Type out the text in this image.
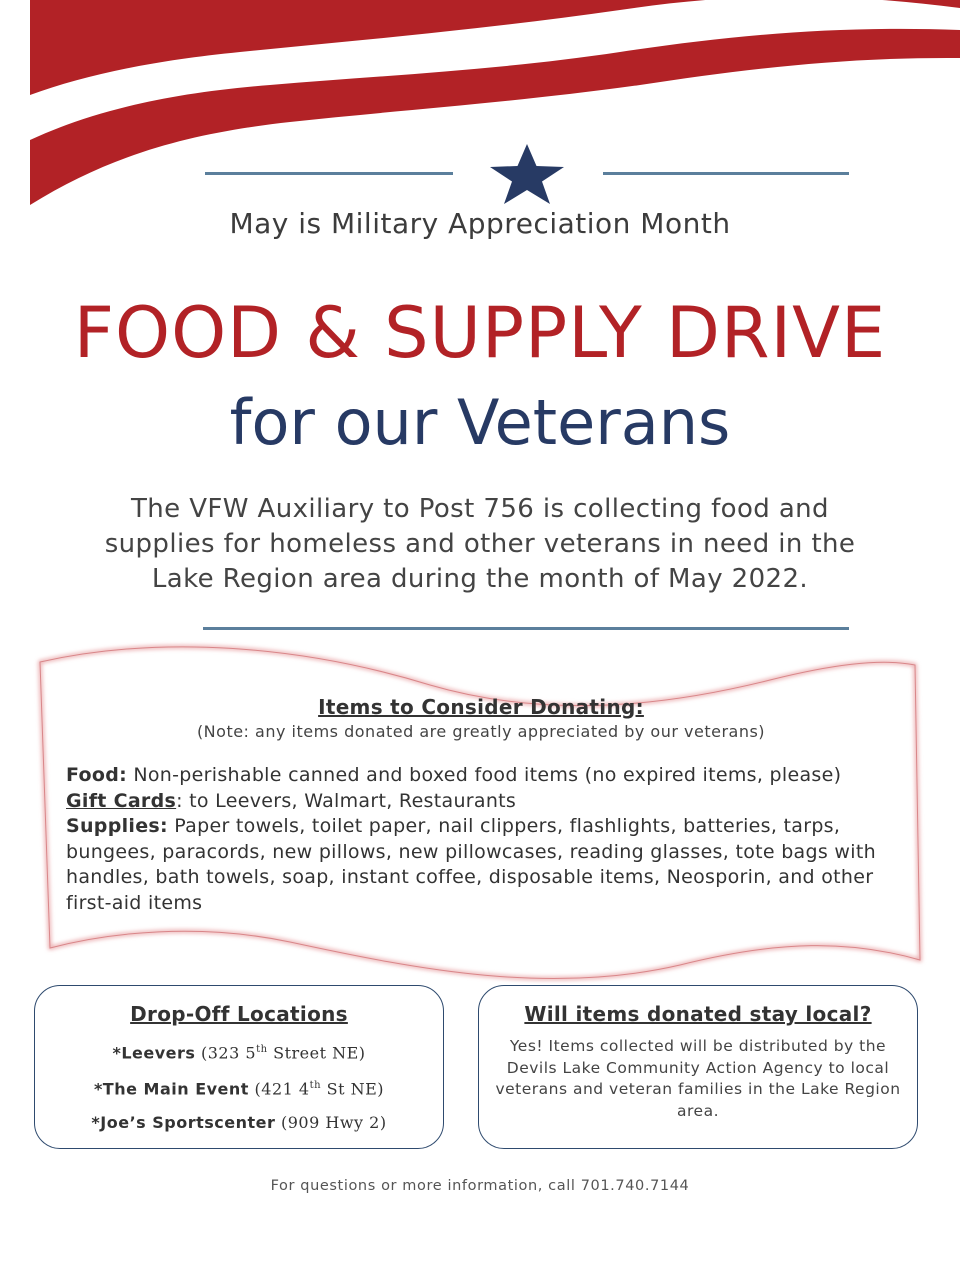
May is Military Appreciation Month
FOOD & SUPPLY DRIVE
for our Veterans
The VFW Auxiliary to Post 756 is collecting food and supplies for homeless and other veterans in need in the Lake Region area during the month of May 2022.
Items to Consider Donating:
(Note: any items donated are greatly appreciated by our veterans)
Food: Non-perishable canned and boxed food items (no expired items, please)
Gift Cards: to Leevers, Walmart, Restaurants
Supplies: Paper towels, toilet paper, nail clippers, flashlights, batteries, tarps, bungees, paracords, new pillows, new pillowcases, reading glasses, tote bags with handles, bath towels, soap, instant coffee, disposable items, Neosporin, and other first-aid items
Drop-Off Locations
*Leevers (323 5th Street NE)
*The Main Event (421 4th St NE)
*Joe’s Sportscenter (909 Hwy 2)
Will items donated stay local?
Yes! Items collected will be distributed by the Devils Lake Community Action Agency to local veterans and veteran families in the Lake Region area.
For questions or more information, call 701.740.7144
